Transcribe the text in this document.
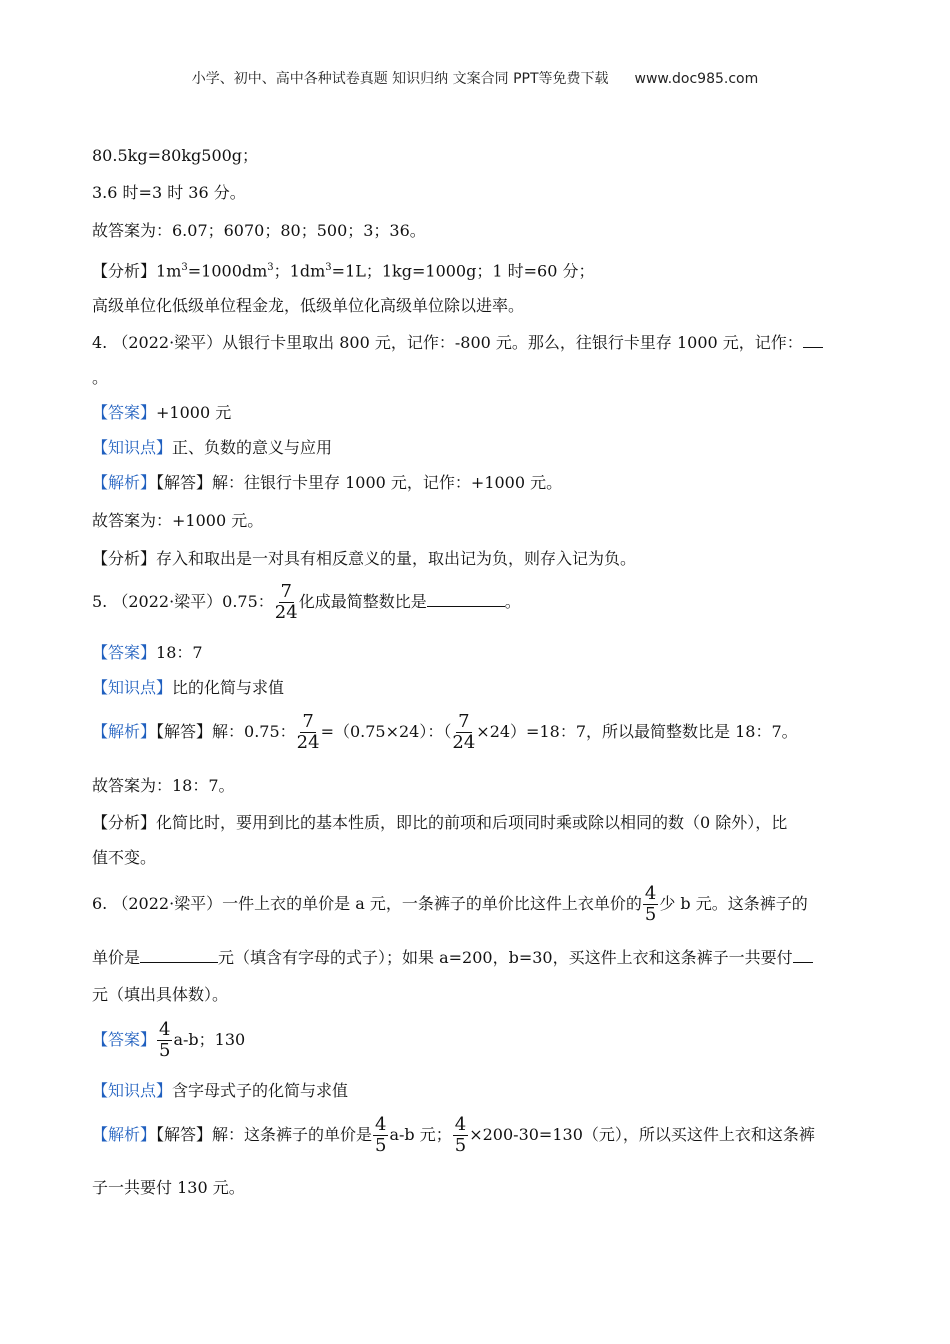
小学、初中、高中各种试卷真题 知识归纳 文案合同 PPT等免费下载 www.doc985.com
80.5kg=80kg500g；
3.6 时=3 时 36 分。
故答案为：6.07；6070；80；500；3；36。
【分析】$1m^3=1000dm^3$；$1dm^3=1L$；1kg=1000g；1 时=60 分；
高级单位化低级单位程金龙，低级单位化高级单位除以进率。
4. （2022·梁平）从银行卡里取出 800 元，记作：-800 元。那么，往银行卡里存 1000 元，记作：
。
【答案】+1000 元
【知识点】正、负数的意义与应用
【解析】【解答】解：往银行卡里存 1000 元，记作：+1000 元。
故答案为：+1000 元。
【分析】存入和取出是一对具有相反意义的量，取出记为负，则存入记为负。
5. （2022·梁平）0.75： $\frac{7}{24}$ 化成最简整数比是	。
【答案】18：7
【知识点】比的化简与求值
【解析】【解答】解：0.75： $\frac{7}{24} =(0.75\times 24)$：（ $\frac{7}{24} \times 24)=18$：7，所以最简整数比是 18：7。
故答案为：18：7。
【分析】化简比时，要用到比的基本性质，即比的前项和后项同时乘或除以相同的数（0 除外），比
值不变。
6. （2022·梁平）一件上衣的单价是 a 元，一条裤子的单价比这件上衣单价的 $\frac{4}{5}$ 少 b 元。这条裤子的
单价是	元（填含有字母的式子）；如果 a=200，b=30，买这件上衣和这条裤子一共要付
元（填出具体数）。
【答案】 $\frac{4}{5} a-b$；130
【知识点】含字母式子的化简与求值
【解析】【解答】解：这条裤子的单价是 $\frac{4}{5} a-b$ 元； $\frac{4}{5} \times 200-30=130$（元），所以买这件上衣和这条裤
子一共要付 130 元。
